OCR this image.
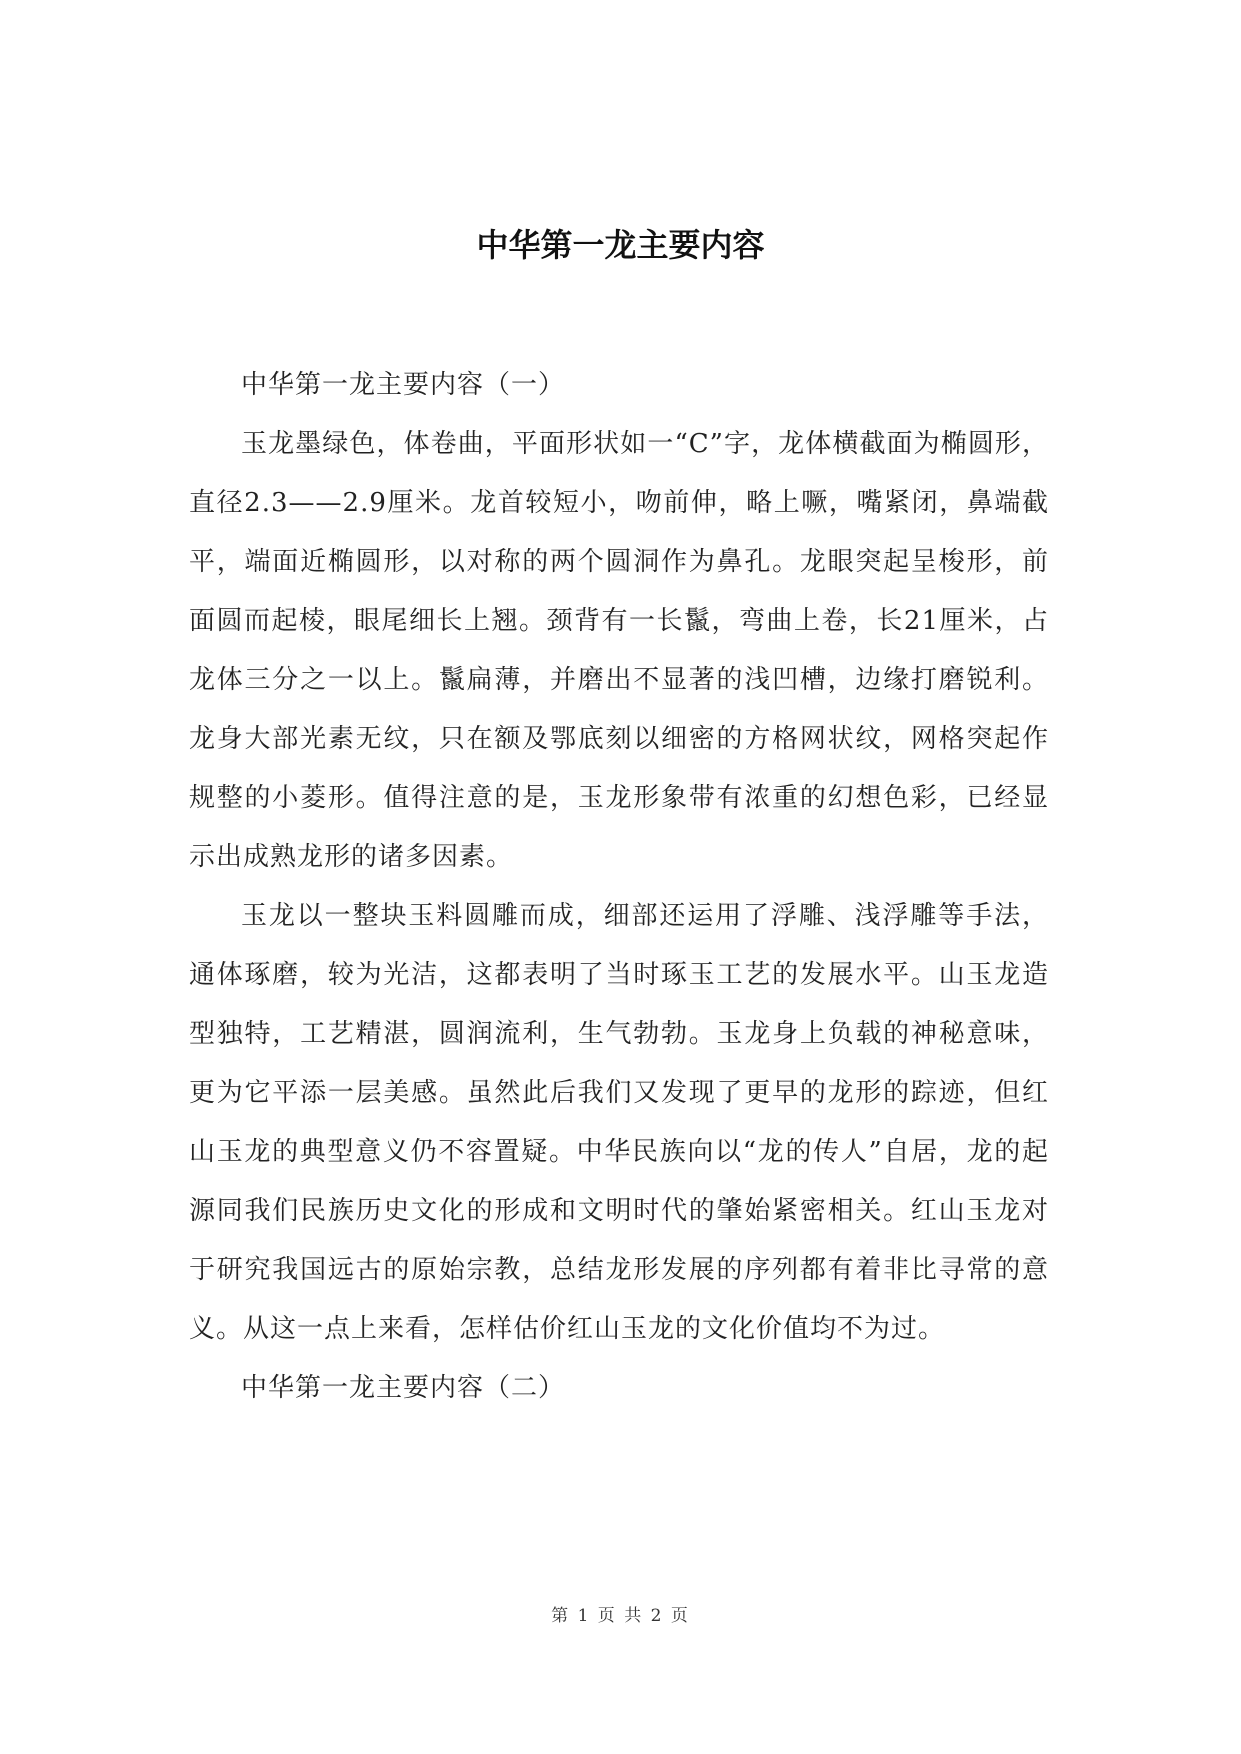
中华第一龙主要内容

中华第一龙主要内容（一）

玉龙墨绿色，体卷曲，平面形状如一“C”字，龙体横截面为椭圆形，直径2.3——2.9厘米。龙首较短小，吻前伸，略上噘，嘴紧闭，鼻端截平，端面近椭圆形，以对称的两个圆洞作为鼻孔。龙眼突起呈梭形，前面圆而起棱，眼尾细长上翘。颈背有一长鬣，弯曲上卷，长21厘米，占龙体三分之一以上。鬣扁薄，并磨出不显著的浅凹槽，边缘打磨锐利。龙身大部光素无纹，只在额及鄂底刻以细密的方格网状纹，网格突起作规整的小菱形。值得注意的是，玉龙形象带有浓重的幻想色彩，已经显示出成熟龙形的诸多因素。

玉龙以一整块玉料圆雕而成，细部还运用了浮雕、浅浮雕等手法，通体琢磨，较为光洁，这都表明了当时琢玉工艺的发展水平。山玉龙造型独特，工艺精湛，圆润流利，生气勃勃。玉龙身上负载的神秘意味，更为它平添一层美感。虽然此后我们又发现了更早的龙形的踪迹，但红山玉龙的典型意义仍不容置疑。中华民族向以“龙的传人”自居，龙的起源同我们民族历史文化的形成和文明时代的肇始紧密相关。红山玉龙对于研究我国远古的原始宗教，总结龙形发展的序列都有着非比寻常的意义。从这一点上来看，怎样估价红山玉龙的文化价值均不为过。

中华第一龙主要内容（二）

第 1 页 共 2 页
